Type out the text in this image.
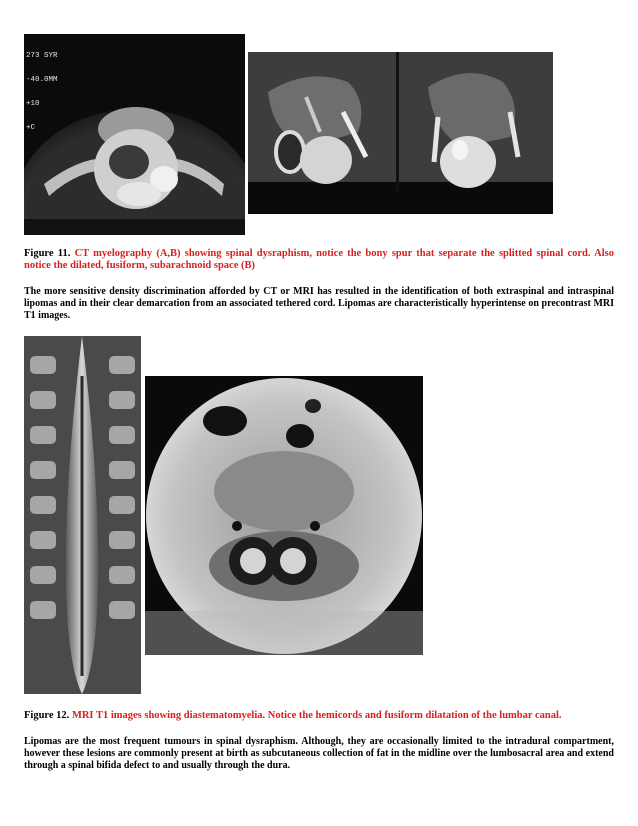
273 SYR

-40.0MM

+10

+C

Figure 11. CT myelography (A,B) showing spinal dysraphism, notice the bony spur that separate the splitted spinal cord. Also notice the dilated, fusiform, subarachnoid space (B)
The more sensitive density discrimination afforded by CT or MRI has resulted in the identification of both extraspinal and intraspinal lipomas and in their clear demarcation from an associated tethered cord. Lipomas are characteristically hyperintense on precontrast MRI T1 images.
Figure 12. MRI T1 images showing diastematomyelia. Notice the hemicords and fusiform dilatation of the lumbar canal.
Lipomas are the most frequent tumours in spinal dysraphism. Although, they are occasionally limited to the intradural compartment, however these lesions are commonly present at birth as subcutaneous collection of fat in the midline over the lumbosacral area and extend through a spinal bifida defect to and usually through the dura.
